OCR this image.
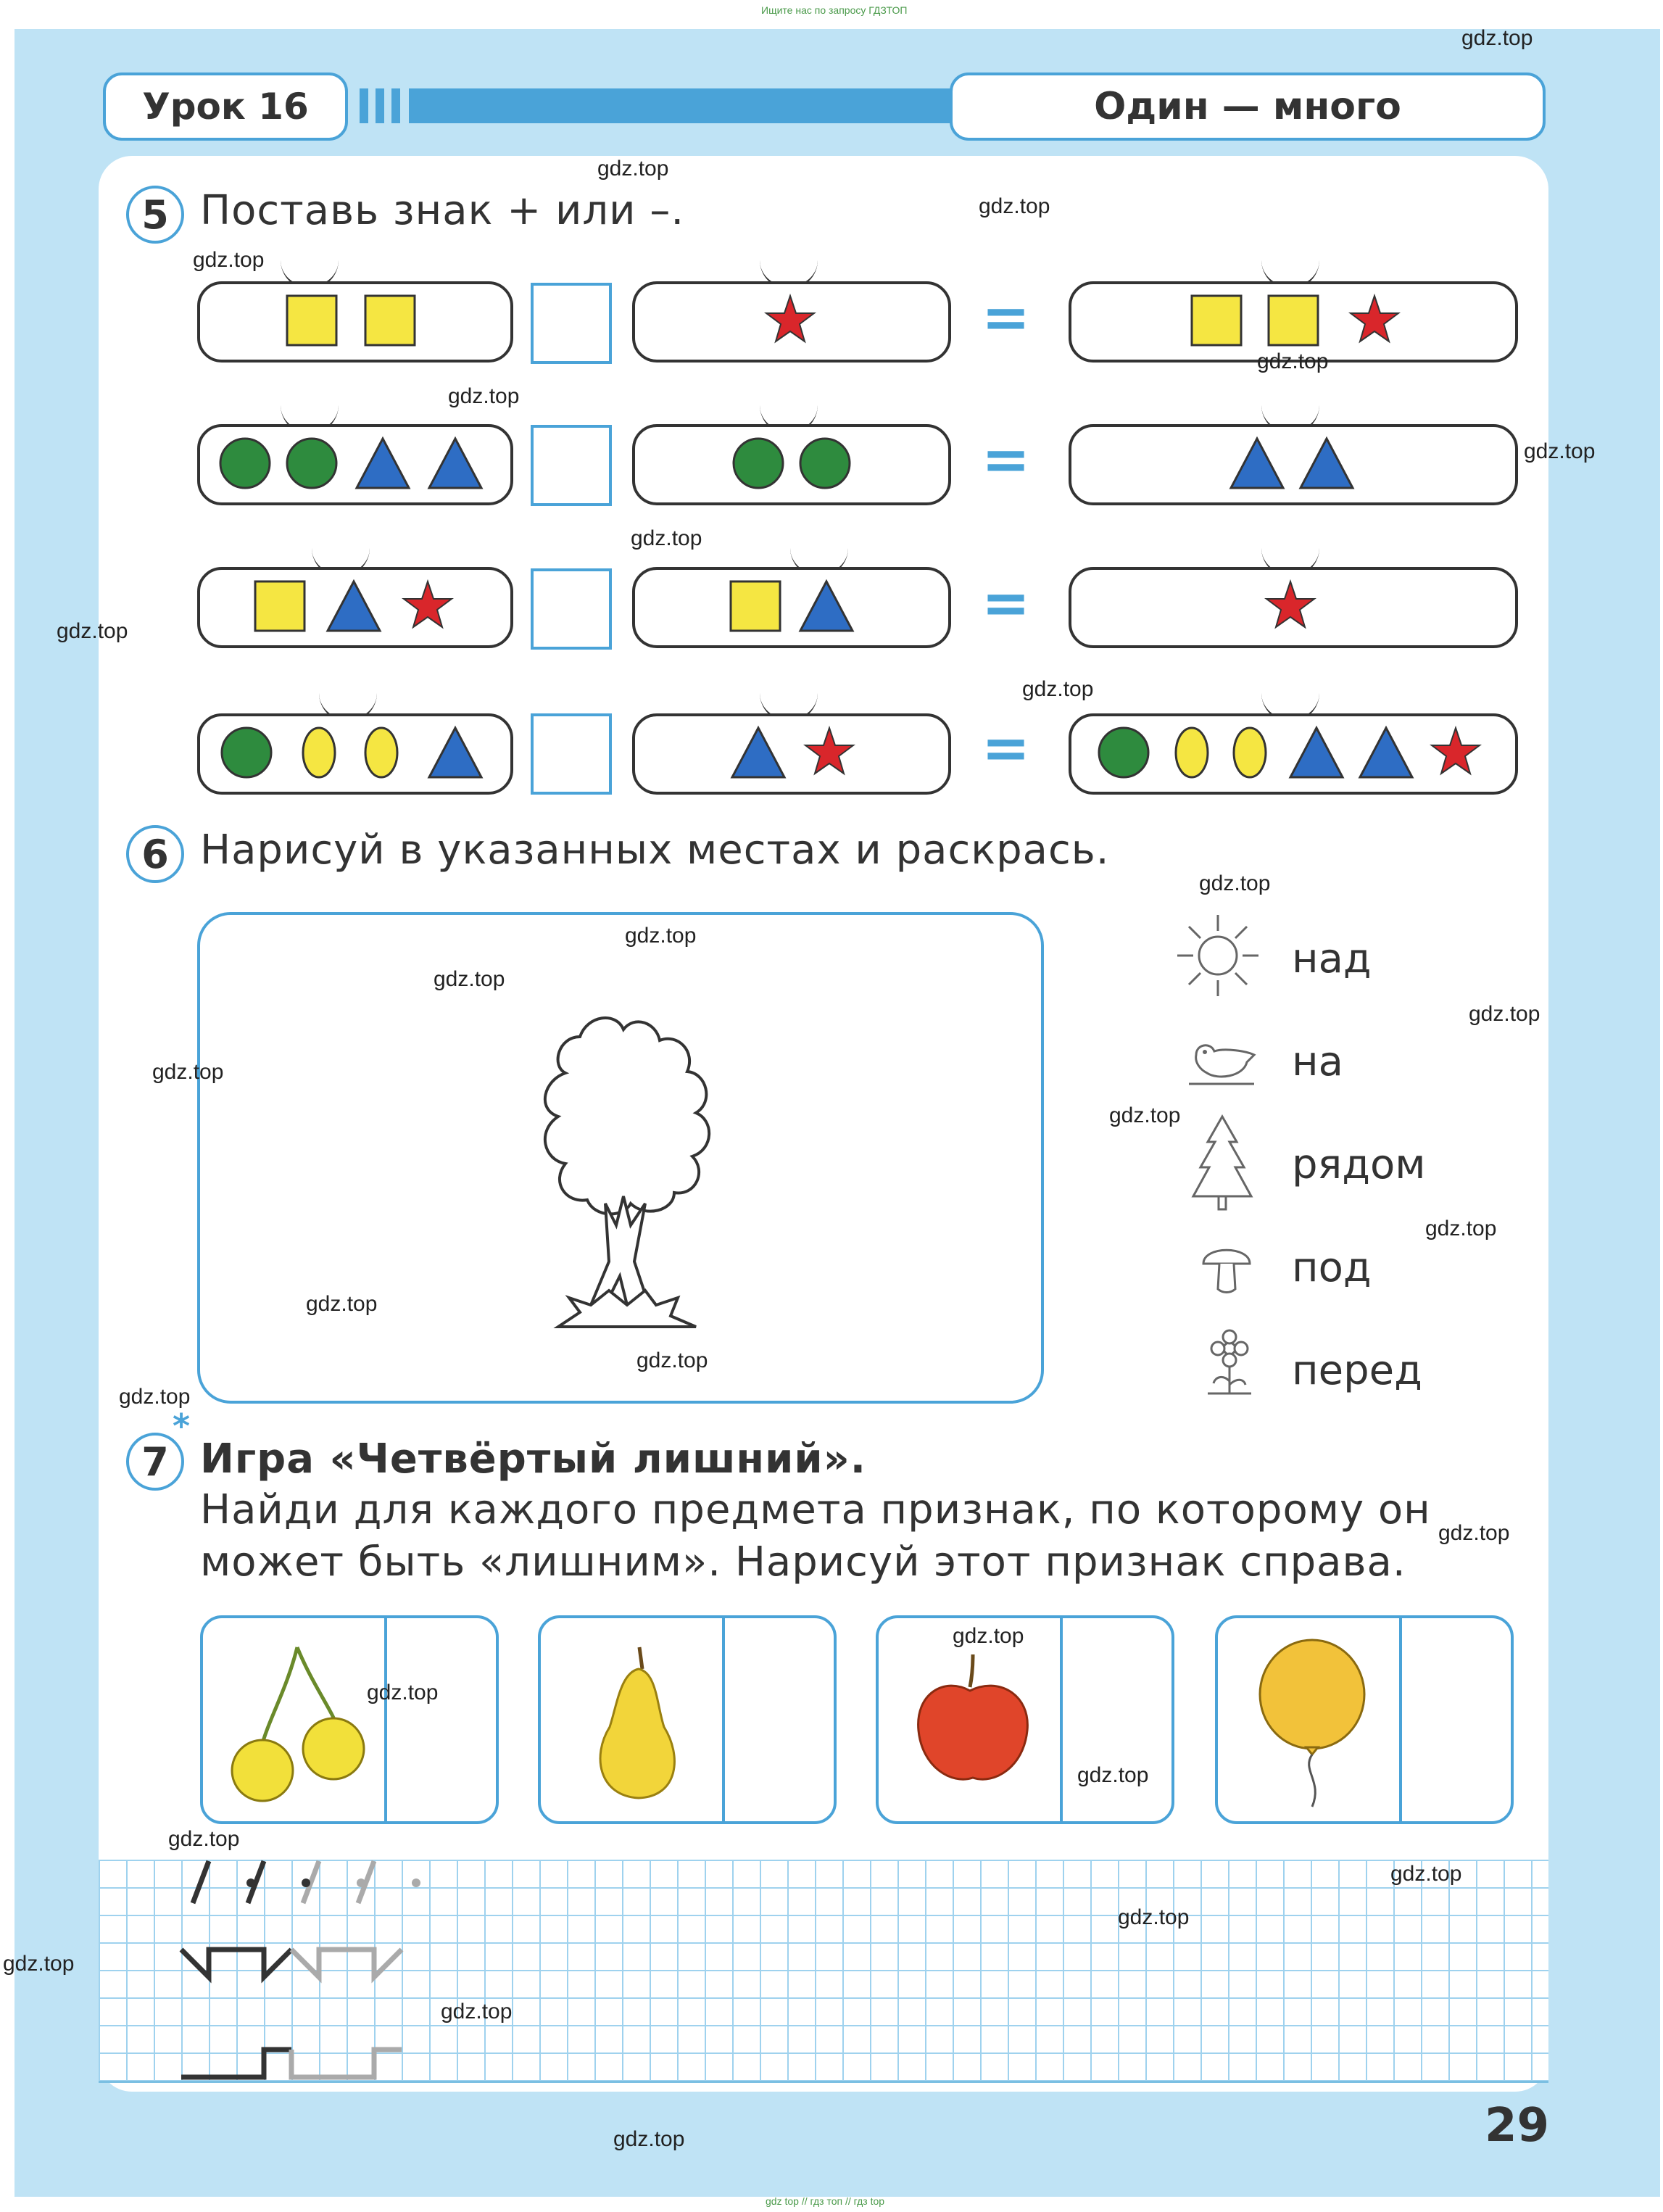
Ищите нас по запросу ГДЗТОП
Урок 16	Один — много
5 Поставь знак + или –.
=
=
=
=
6 Нарисуй в указанных местах и раскрась.
над
на
рядом
под
перед
7
*
Игра «Четвёртый лишний».
Найди для каждого предмета признак, по которому он
может быть «лишним». Нарисуй этот признак справа.
29
gdz.top
gdz.top
gdz.top
gdz.top
gdz.top
gdz.top
gdz.top
gdz.top
gdz.top
gdz.top
gdz.top
gdz.top
gdz.top
gdz.top
gdz.top
gdz.top
gdz.top
gdz.top
gdz.top
gdz.top
gdz.top
gdz.top
gdz.top
gdz.top
gdz.top
gdz.top
gdz.top
gdz.top
gdz.top
gdz.top
gdz top // гдз топ // гдз top
